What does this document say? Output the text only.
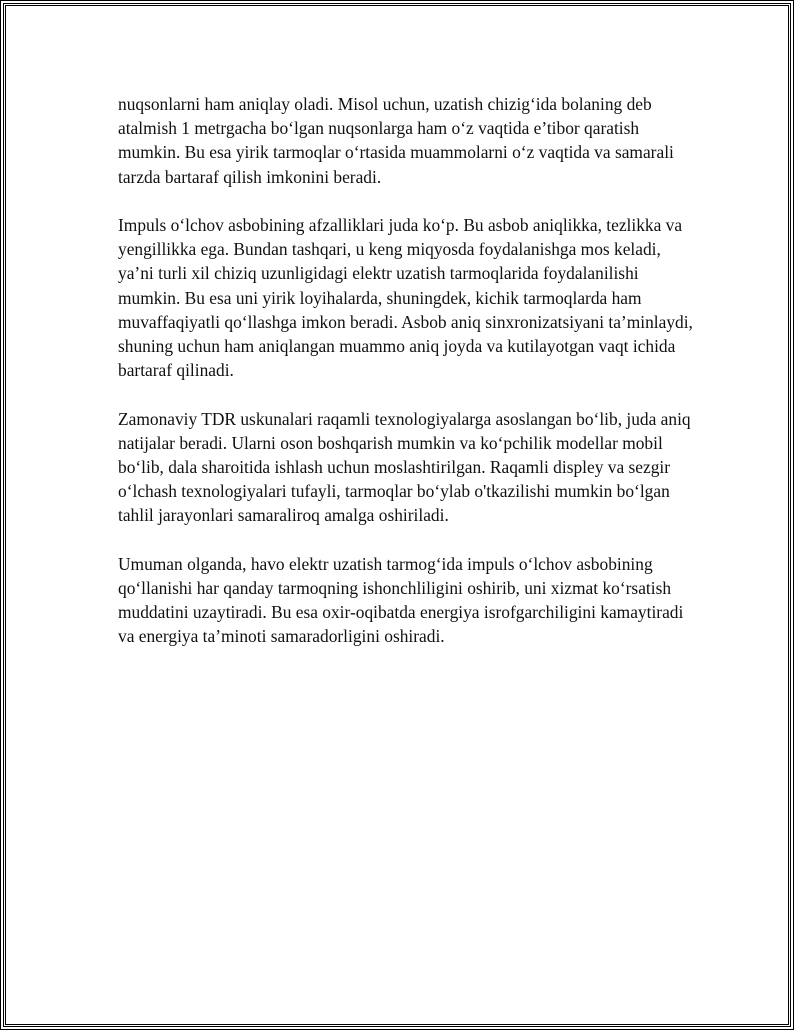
nuqsonlarni ham aniqlay oladi. Misol uchun, uzatish chizig‘ida bolaning deb atalmish 1 metrgacha bo‘lgan nuqsonlarga ham o‘z vaqtida e’tibor qaratish mumkin. Bu esa yirik tarmoqlar o‘rtasida muammolarni o‘z vaqtida va samarali tarzda bartaraf qilish imkonini beradi.

Impuls o‘lchov asbobining afzalliklari juda ko‘p. Bu asbob aniqlikka, tezlikka va yengillikka ega. Bundan tashqari, u keng miqyosda foydalanishga mos keladi, ya’ni turli xil chiziq uzunligidagi elektr uzatish tarmoqlarida foydalanilishi mumkin. Bu esa uni yirik loyihalarda, shuningdek, kichik tarmoqlarda ham muvaffaqiyatli qo‘llashga imkon beradi. Asbob aniq sinxronizatsiyani ta’minlaydi, shuning uchun ham aniqlangan muammo aniq joyda va kutilayotgan vaqt ichida bartaraf qilinadi.

Zamonaviy TDR uskunalari raqamli texnologiyalarga asoslangan bo‘lib, juda aniq natijalar beradi. Ularni oson boshqarish mumkin va ko‘pchilik modellar mobil bo‘lib, dala sharoitida ishlash uchun moslashtirilgan. Raqamli displey va sezgir o‘lchash texnologiyalari tufayli, tarmoqlar bo‘ylab o'tkazilishi mumkin bo‘lgan tahlil jarayonlari samaraliroq amalga oshiriladi.

Umuman olganda, havo elektr uzatish tarmog‘ida impuls o‘lchov asbobining qo‘llanishi har qanday tarmoqning ishonchliligini oshirib, uni xizmat ko‘rsatish muddatini uzaytiradi. Bu esa oxir-oqibatda energiya isrofgarchiligini kamaytiradi va energiya ta’minoti samaradorligini oshiradi.
